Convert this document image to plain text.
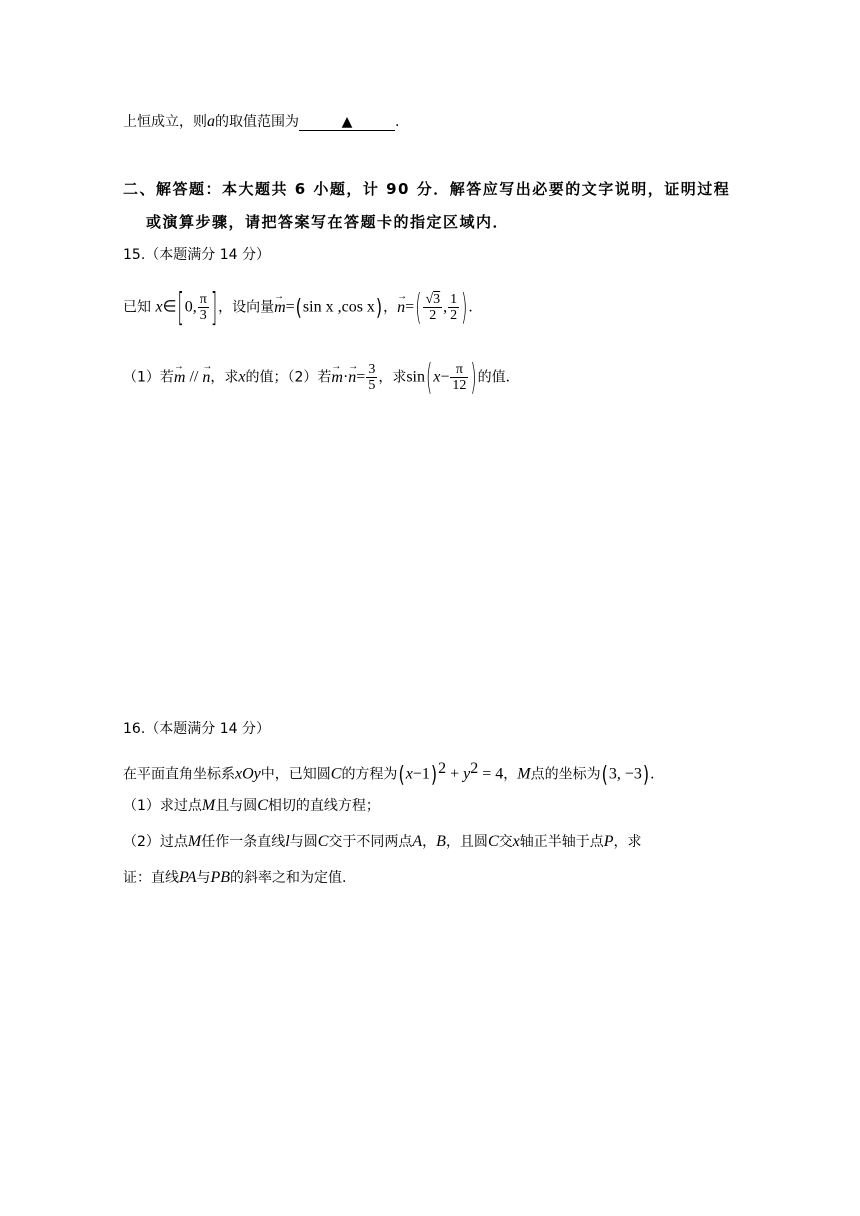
上恒成立，则a的取值范围为	▲	.
二、解答题：本大题共 6 小题，计 90 分．解答应写出必要的文字说明，证明过程
或演算步骤，请把答案写在答题卡的指定区域内．
15.（本题满分 14 分）
已知 x∈[0, $\frac{\pi}{3}$ ]，设向量→ m=(sin x ,cos x)，→ $n=( \frac{√3}{2}$ , $\frac{1}{2}$ )．
（1）若→ m // → n，求x的值；（2）若→ $m\cdot\to n= \frac{3}{5}$ ，求$\sin(x- \frac{\pi}{12}$ )的值．
16.（本题满分 14 分）
在平面直角坐标系xOy中，已知圆C的方程为$(x-1)^2 + y^2 = 4$，M点的坐标为(3, −3)．
（1）求过点M且与圆C相切的直线方程；
（2）过点M任作一条直线l与圆C交于不同两点A，B，且圆C交x轴正半轴于点P，求
证：直线PA与PB的斜率之和为定值.
